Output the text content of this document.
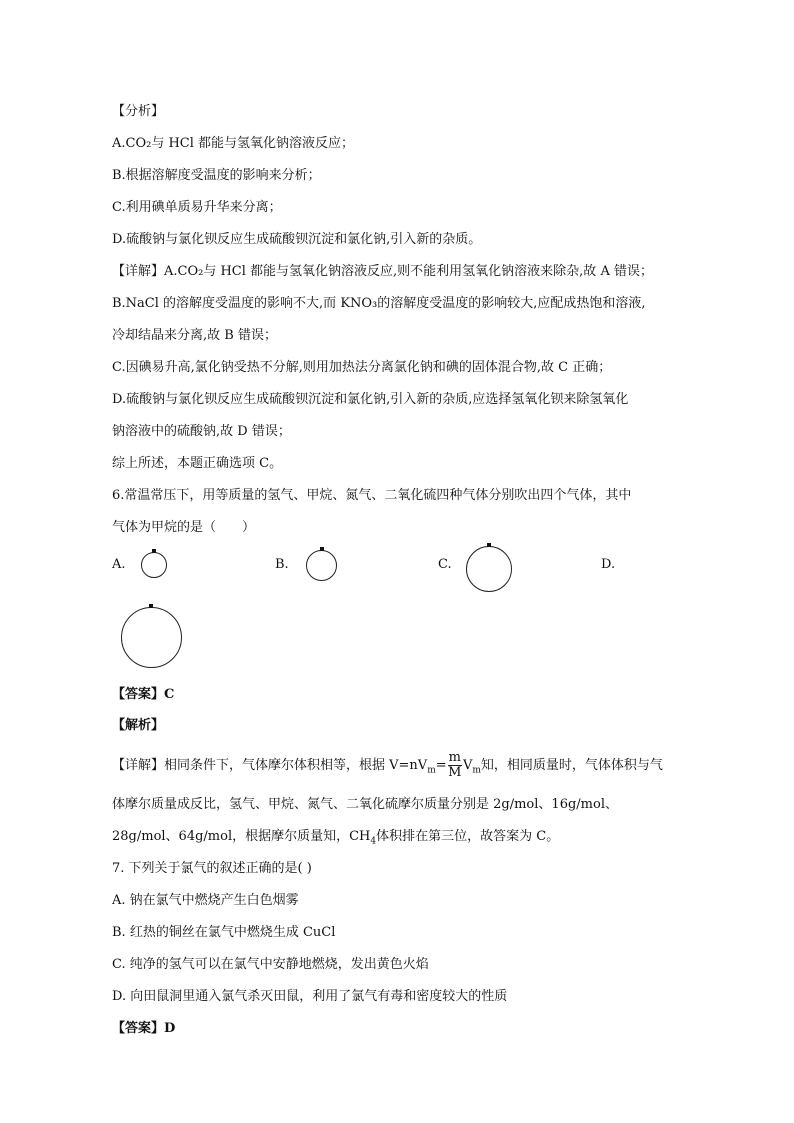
【分析】
A.CO₂与 HCl 都能与氢氧化钠溶液反应；
B.根据溶解度受温度的影响来分析；
C.利用碘单质易升华来分离；
D.硫酸钠与氯化钡反应生成硫酸钡沉淀和氯化钠,引入新的杂质。
【详解】A.CO₂与 HCl 都能与氢氧化钠溶液反应,则不能利用氢氧化钠溶液来除杂,故 A 错误；
B.NaCl 的溶解度受温度的影响不大,而 KNO₃的溶解度受温度的影响较大,应配成热饱和溶液,
冷却结晶来分离,故 B 错误；
C.因碘易升高,氯化钠受热不分解,则用加热法分离氯化钠和碘的固体混合物,故 C 正确；
D.硫酸钠与氯化钡反应生成硫酸钡沉淀和氯化钠,引入新的杂质,应选择氢氧化钡来除氢氧化
钠溶液中的硫酸钠,故 D 错误；
综上所述，本题正确选项 C。
6.常温常压下，用等质量的氢气、甲烷、氮气、二氧化硫四种气体分别吹出四个气体，其中
气体为甲烷的是（　　）
A.	B.	C.	D.
【答案】C
【解析】
【详解】相同条件下，气体摩尔体积相等，根据 $V=nV_m= \frac{m}{M} V_m$知，相同质量时，气体体积与气
体摩尔质量成反比，氢气、甲烷、氮气、二氧化硫摩尔质量分别是 2g/mol、16g/mol、
28g/mol、64g/mol，根据摩尔质量知，$CH_4$体积排在第三位，故答案为 C。
7. 下列关于氯气的叙述正确的是( )
A. 钠在氯气中燃烧产生白色烟雾
B. 红热的铜丝在氯气中燃烧生成 CuCl
C. 纯净的氢气可以在氯气中安静地燃烧，发出黄色火焰
D. 向田鼠洞里通入氯气杀灭田鼠，利用了氯气有毒和密度较大的性质
【答案】D
